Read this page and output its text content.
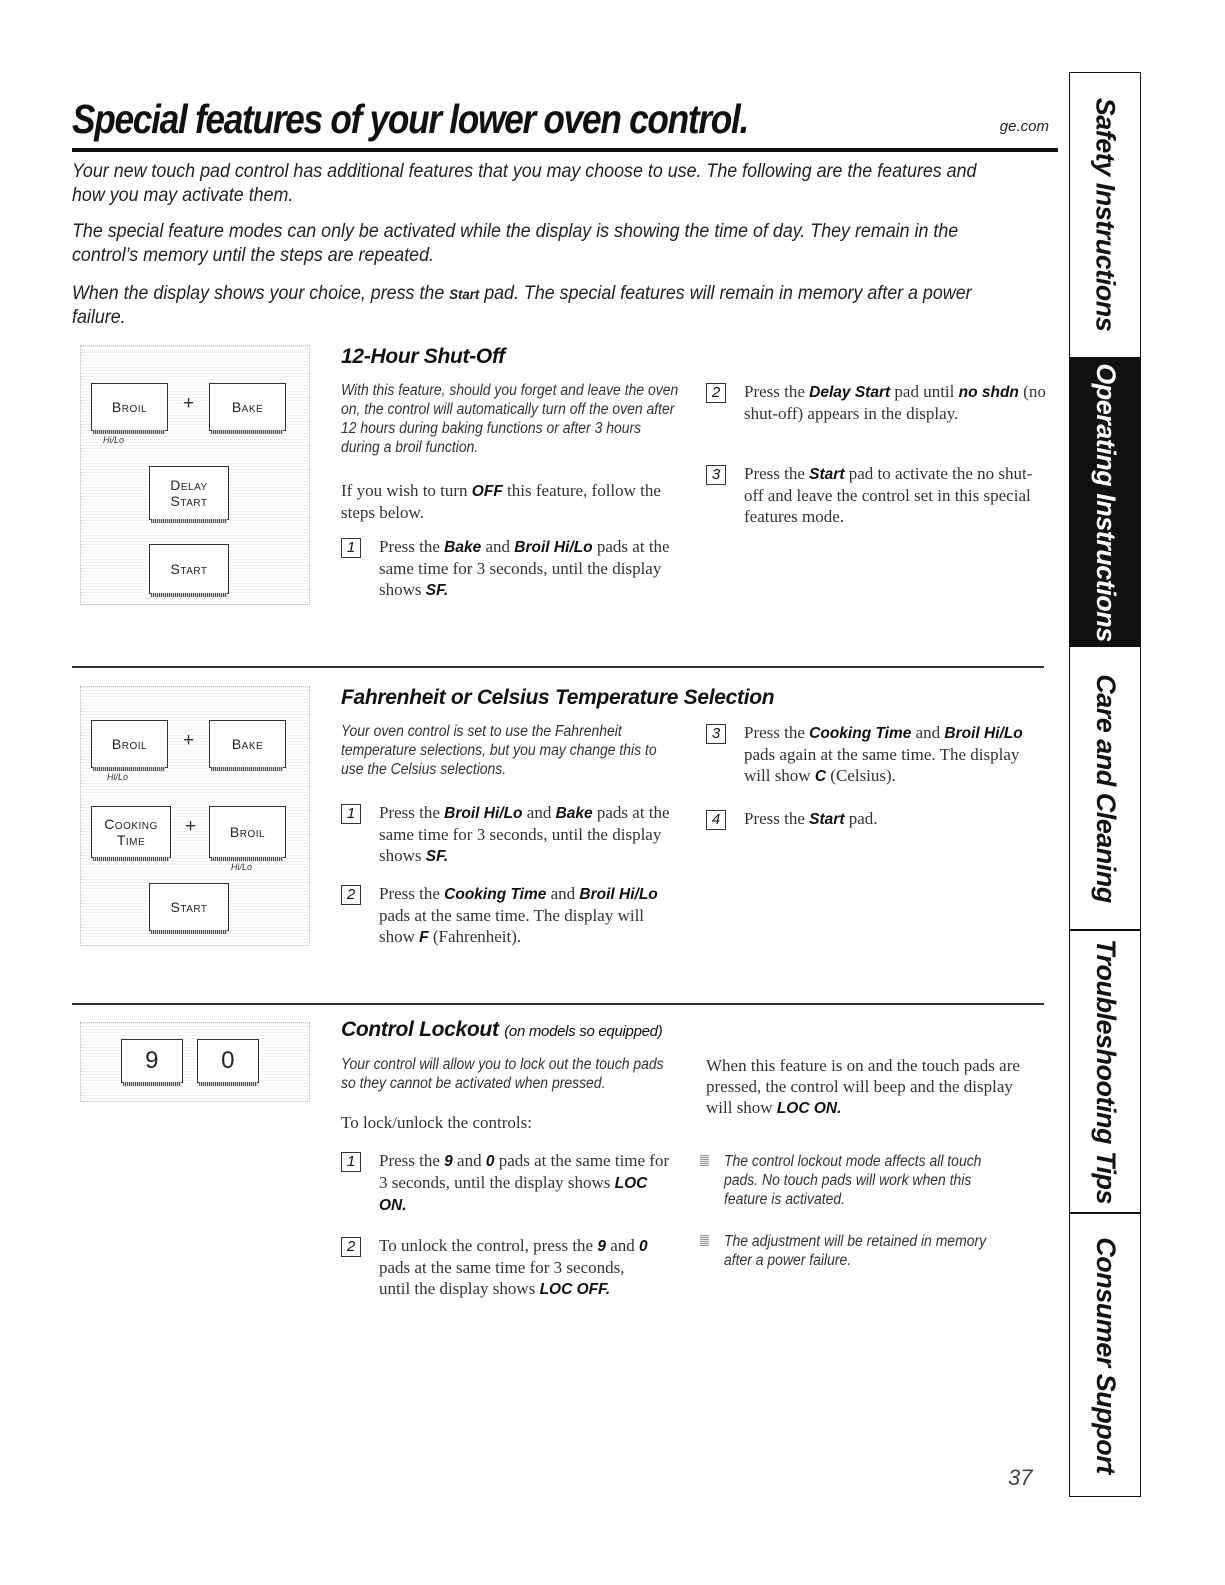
Special features of your lower oven control.	ge.com

Your new touch pad control has additional features that you may choose to use. The following are the features and how you may activate them.

The special feature modes can only be activated while the display is showing the time of day. They remain in the control’s memory until the steps are repeated.

When the display shows your choice, press the Start pad. The special features will remain in memory after a power failure.

Broil
Hi/Lo
+	Bake
Delay
Start
Start
12-Hour Shut-Off

With this feature, should you forget and leave the oven on, the control will automatically turn off the oven after 12 hours during baking functions or after 3 hours during a broil function.

If you wish to turn OFF this feature, follow the steps below.

1	Press the Bake and Broil Hi/Lo pads at the same time for 3 seconds, until the display shows SF.
2	Press the Delay Start pad until no shdn (no shut-off) appears in the display.
3	Press the Start pad to activate the no shut-off and leave the control set in this special features mode.
Broil
Hi/Lo
+	Bake
Cooking
Time
+ Broil
Hi/Lo
Start
Fahrenheit or Celsius Temperature Selection

Your oven control is set to use the Fahrenheit temperature selections, but you may change this to use the Celsius selections.

1	Press the Broil Hi/Lo and Bake pads at the same time for 3 seconds, until the display shows SF.
2	Press the Cooking Time and Broil Hi/Lo pads at the same time. The display will show F (Fahrenheit).
3	Press the Cooking Time and Broil Hi/Lo pads again at the same time. The display will show C (Celsius).
4	Press the Start pad.
9	0
Control Lockout (on models so equipped)

Your control will allow you to lock out the touch pads so they cannot be activated when pressed.

To lock/unlock the controls:

1	Press the 9 and 0 pads at the same time for 3 seconds, until the display shows LOC ON.
2	To unlock the control, press the 9 and 0 pads at the same time for 3 seconds, until the display shows LOC OFF.

When this feature is on and the touch pads are pressed, the control will beep and the display will show LOC ON.

The control lockout mode affects all touch pads. No touch pads will work when this feature is activated.
The adjustment will be retained in memory after a power failure.
Safety Instructions
Operating Instructions
Care and Cleaning
Troubleshooting Tips
Consumer Support
37
